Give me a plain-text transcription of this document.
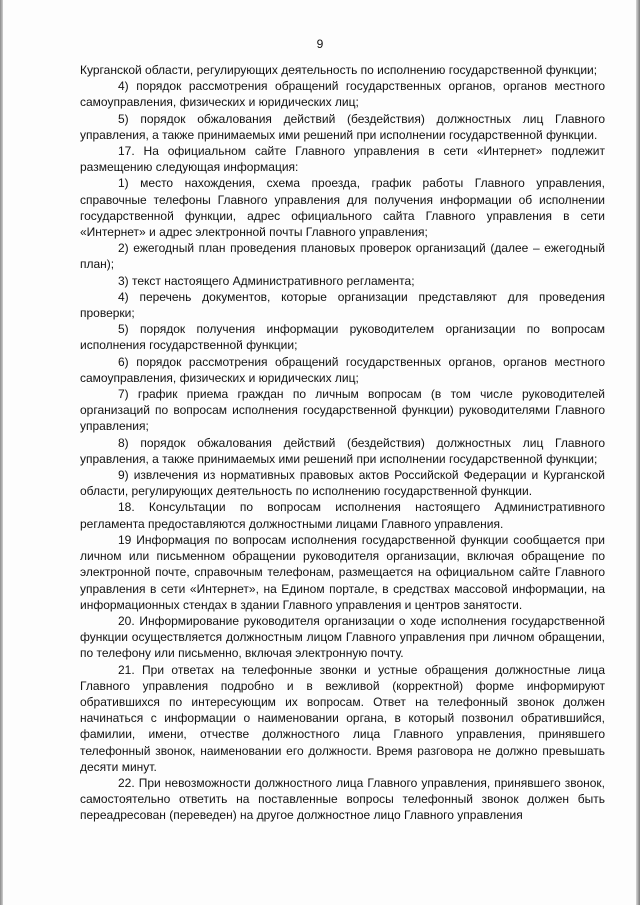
9

Курганской области, регулирующих деятельность по исполнению государственной функции;

4) порядок рассмотрения обращений государственных органов, органов местного самоуправления, физических и юридических лиц;

5) порядок обжалования действий (бездействия) должностных лиц Главного управления, а также принимаемых ими решений при исполнении государственной функции.

17. На официальном сайте Главного управления в сети «Интернет» подлежит размещению следующая информация:

1) место нахождения, схема проезда, график работы Главного управления, справочные телефоны Главного управления для получения информации об исполнении государственной функции, адрес официального сайта Главного управления в сети «Интернет» и адрес электронной почты Главного управления;

2) ежегодный план проведения плановых проверок организаций (далее – ежегодный план);

3) текст настоящего Административного регламента;

4) перечень документов, которые организации представляют для проведения проверки;

5) порядок получения информации руководителем организации по вопросам исполнения государственной функции;

6) порядок рассмотрения обращений государственных органов, органов местного самоуправления, физических и юридических лиц;

7) график приема граждан по личным вопросам (в том числе руководителей организаций по вопросам исполнения государственной функции) руководителями Главного управления;

8) порядок обжалования действий (бездействия) должностных лиц Главного управления, а также принимаемых ими решений при исполнении государственной функции;

9) извлечения из нормативных правовых актов Российской Федерации и Курганской области, регулирующих деятельность по исполнению государственной функции.

18. Консультации по вопросам исполнения настоящего Административного регламента предоставляются должностными лицами Главного управления.

19 Информация по вопросам исполнения государственной функции сообщается при личном или письменном обращении руководителя организации, включая обращение по электронной почте, справочным телефонам, размещается на официальном сайте Главного управления в сети «Интернет», на Едином портале, в средствах массовой информации, на информационных стендах в здании Главного управления и центров занятости.

20. Информирование руководителя организации о ходе исполнения государственной функции осуществляется должностным лицом Главного управления при личном обращении, по телефону или письменно, включая электронную почту.

21. При ответах на телефонные звонки и устные обращения должностные лица Главного управления подробно и в вежливой (корректной) форме информируют обратившихся по интересующим их вопросам. Ответ на телефонный звонок должен начинаться с информации о наименовании органа, в который позвонил обратившийся, фамилии, имени, отчестве должностного лица Главного управления, принявшего телефонный звонок, наименовании его должности. Время разговора не должно превышать десяти минут.

22. При невозможности должностного лица Главного управления, принявшего звонок, самостоятельно ответить на поставленные вопросы телефонный звонок должен быть переадресован (переведен) на другое должностное лицо Главного управления
